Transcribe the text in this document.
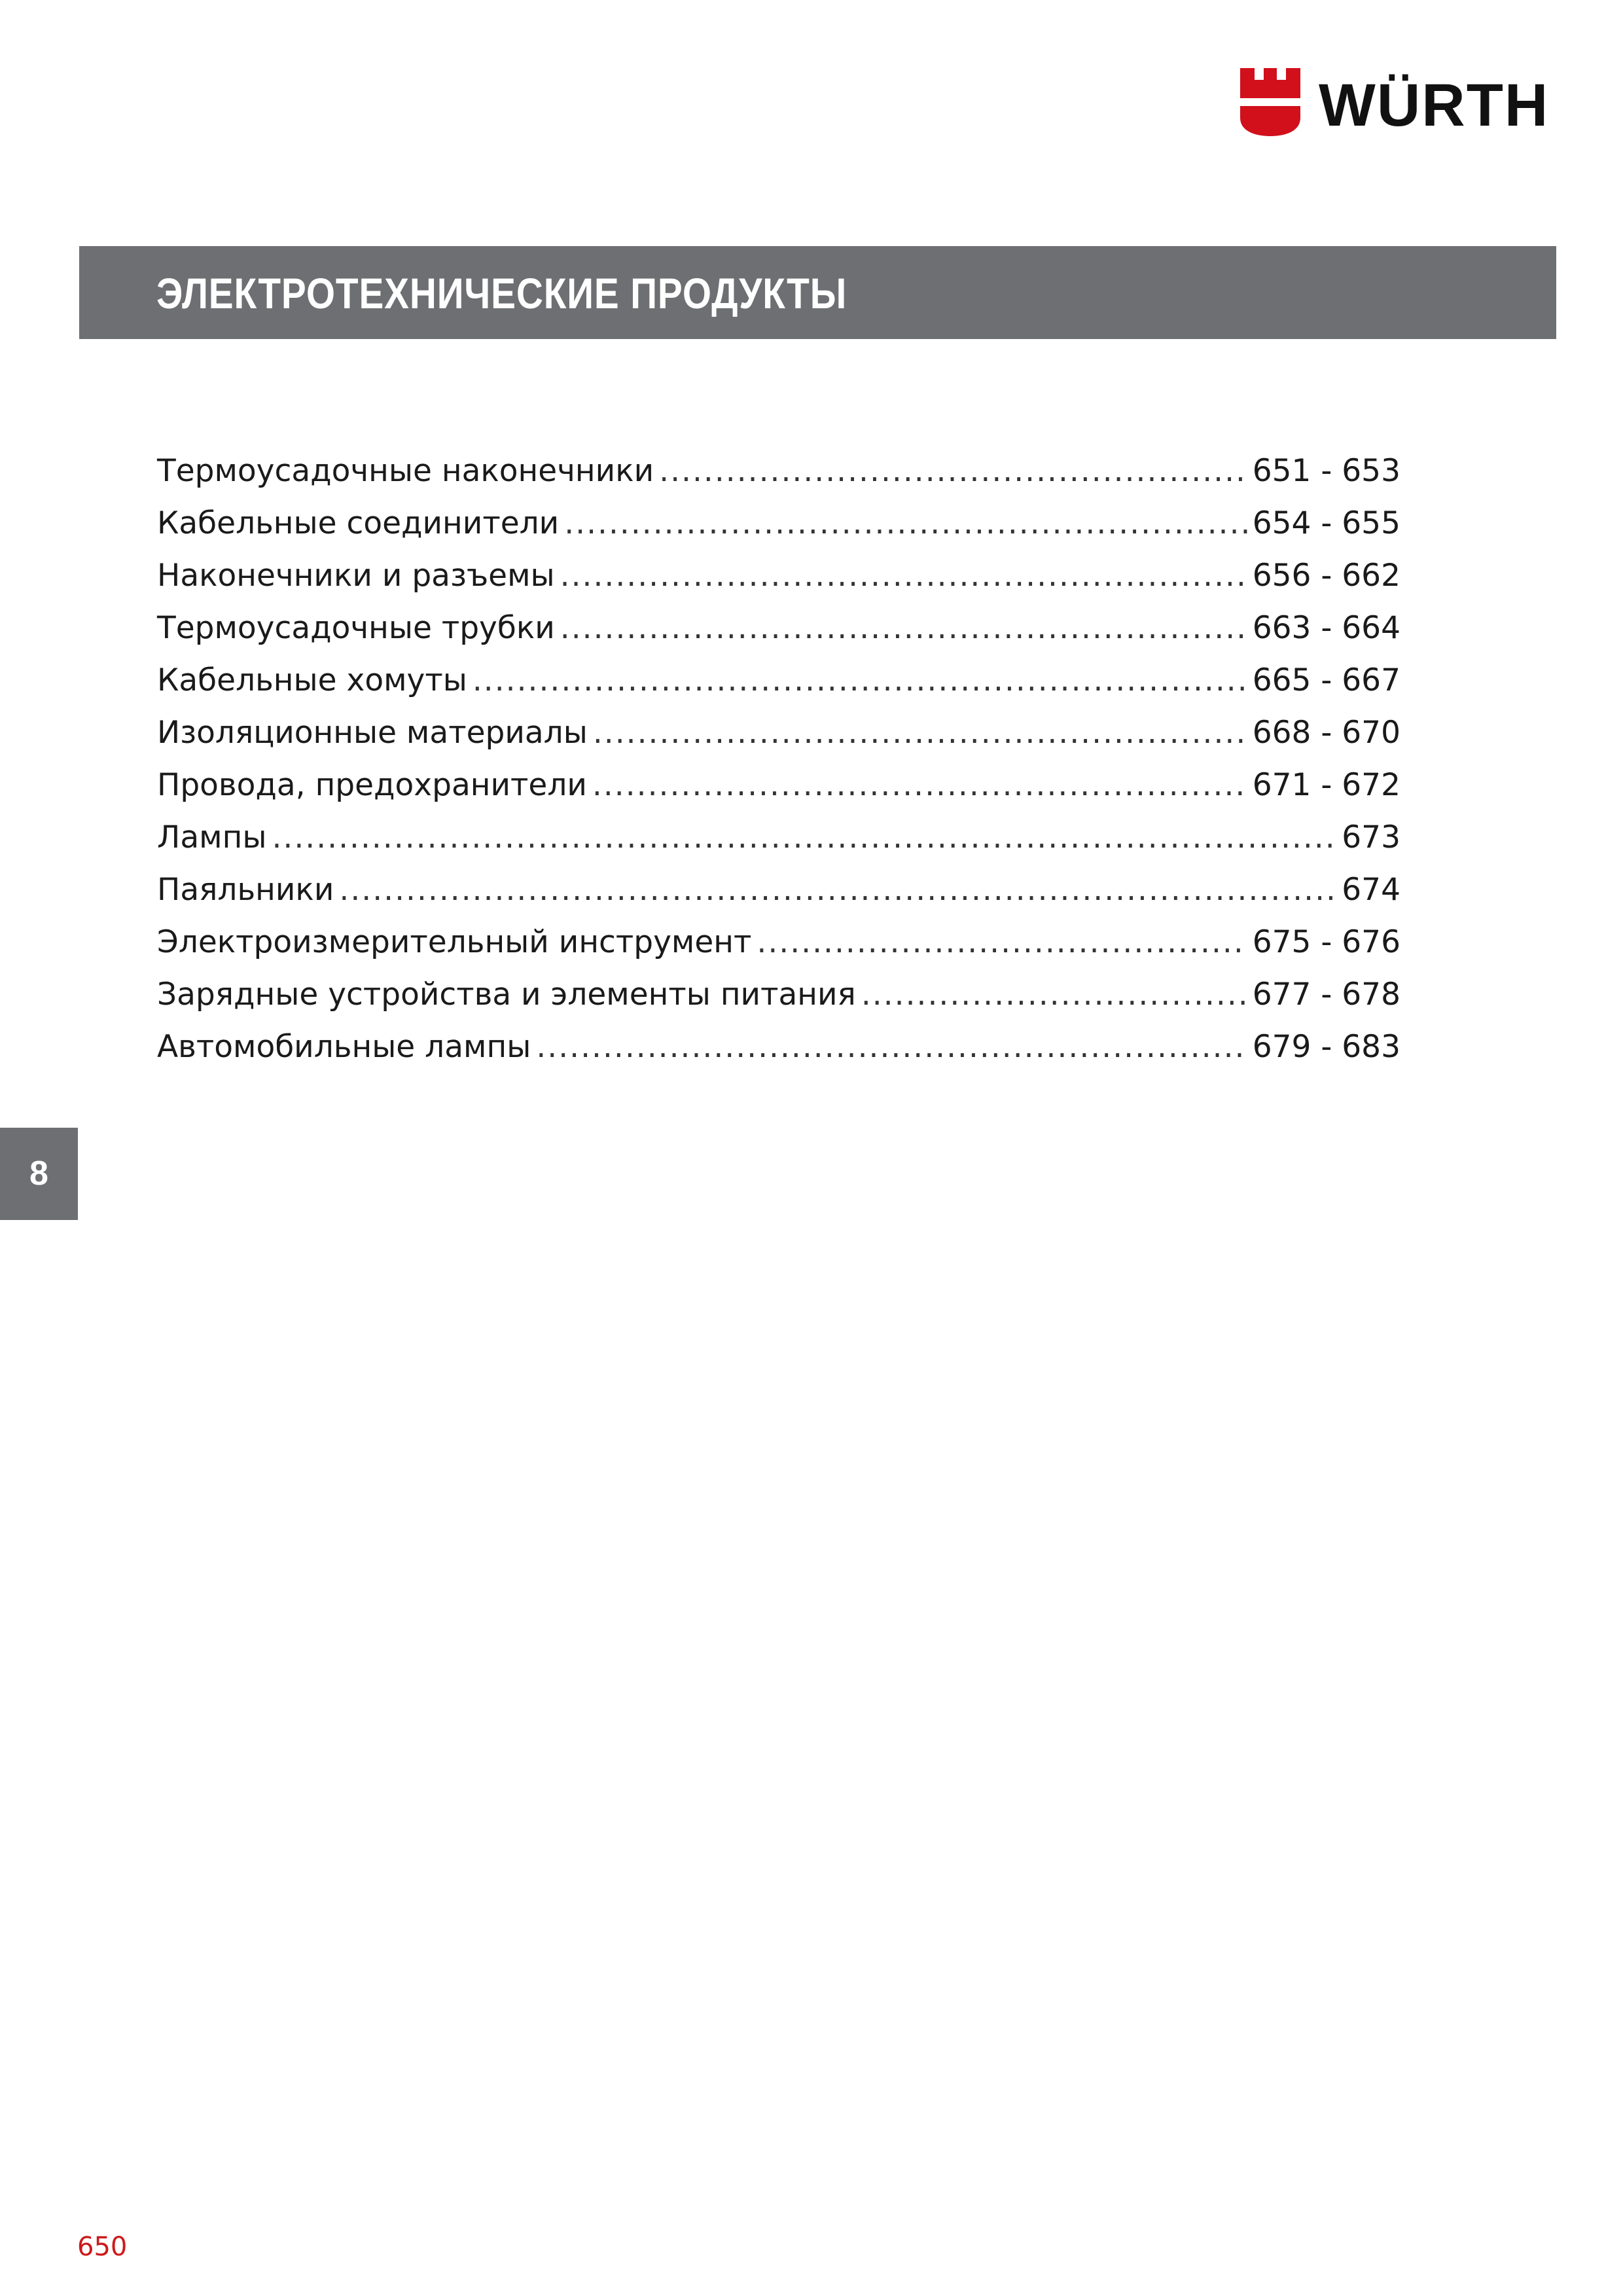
WÜRTH
ЭЛЕКТРОТЕХНИЧЕСКИЕ ПРОДУКТЫ
Термоусадочные наконечники .....	651 - 653
Кабельные соединители .....	654 - 655
Наконечники и разъемы .....	656 - 662
Термоусадочные трубки .....	663 - 664
Кабельные хомуты .....	665 - 667
Изоляционные материалы .....	668 - 670
Провода, предохранители .....	671 - 672
Лампы .....	673
Паяльники .....	674
Электроизмерительный инструмент .....	675 - 676
Зарядные устройства и элементы питания .....	677 - 678
Автомобильные лампы .....	679 - 683
8
650
